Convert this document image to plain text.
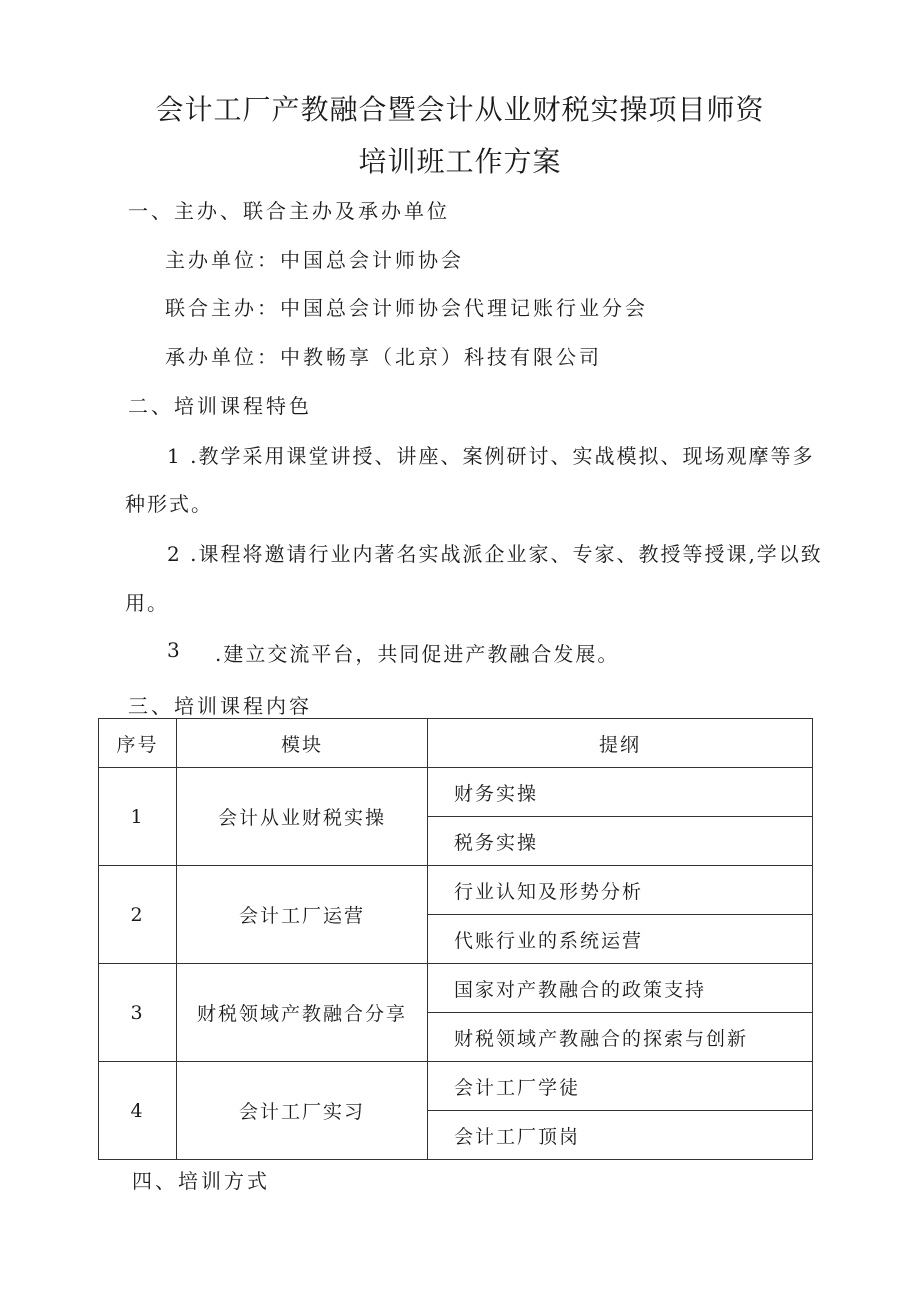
会计工厂产教融合暨会计从业财税实操项目师资
培训班工作方案
一、主办、联合主办及承办单位
主办单位：中国总会计师协会
联合主办：中国总会计师协会代理记账行业分会
承办单位：中教畅享（北京）科技有限公司
二、培训课程特色
1 .教学采用课堂讲授、讲座、案例研讨、实战模拟、现场观摩等多
种形式。
2 .课程将邀请行业内著名实战派企业家、专家、教授等授课,学以致
用。
3 .建立交流平台，共同促进产教融合发展。
三、培训课程内容
序号	模块	提纲
1	会计从业财税实操	财务实操
		税务实操
2	会计工厂运营	行业认知及形势分析
		代账行业的系统运营
3	财税领域产教融合分享	国家对产教融合的政策支持
		财税领域产教融合的探索与创新
4	会计工厂实习	会计工厂学徒
		会计工厂顶岗
四、培训方式
